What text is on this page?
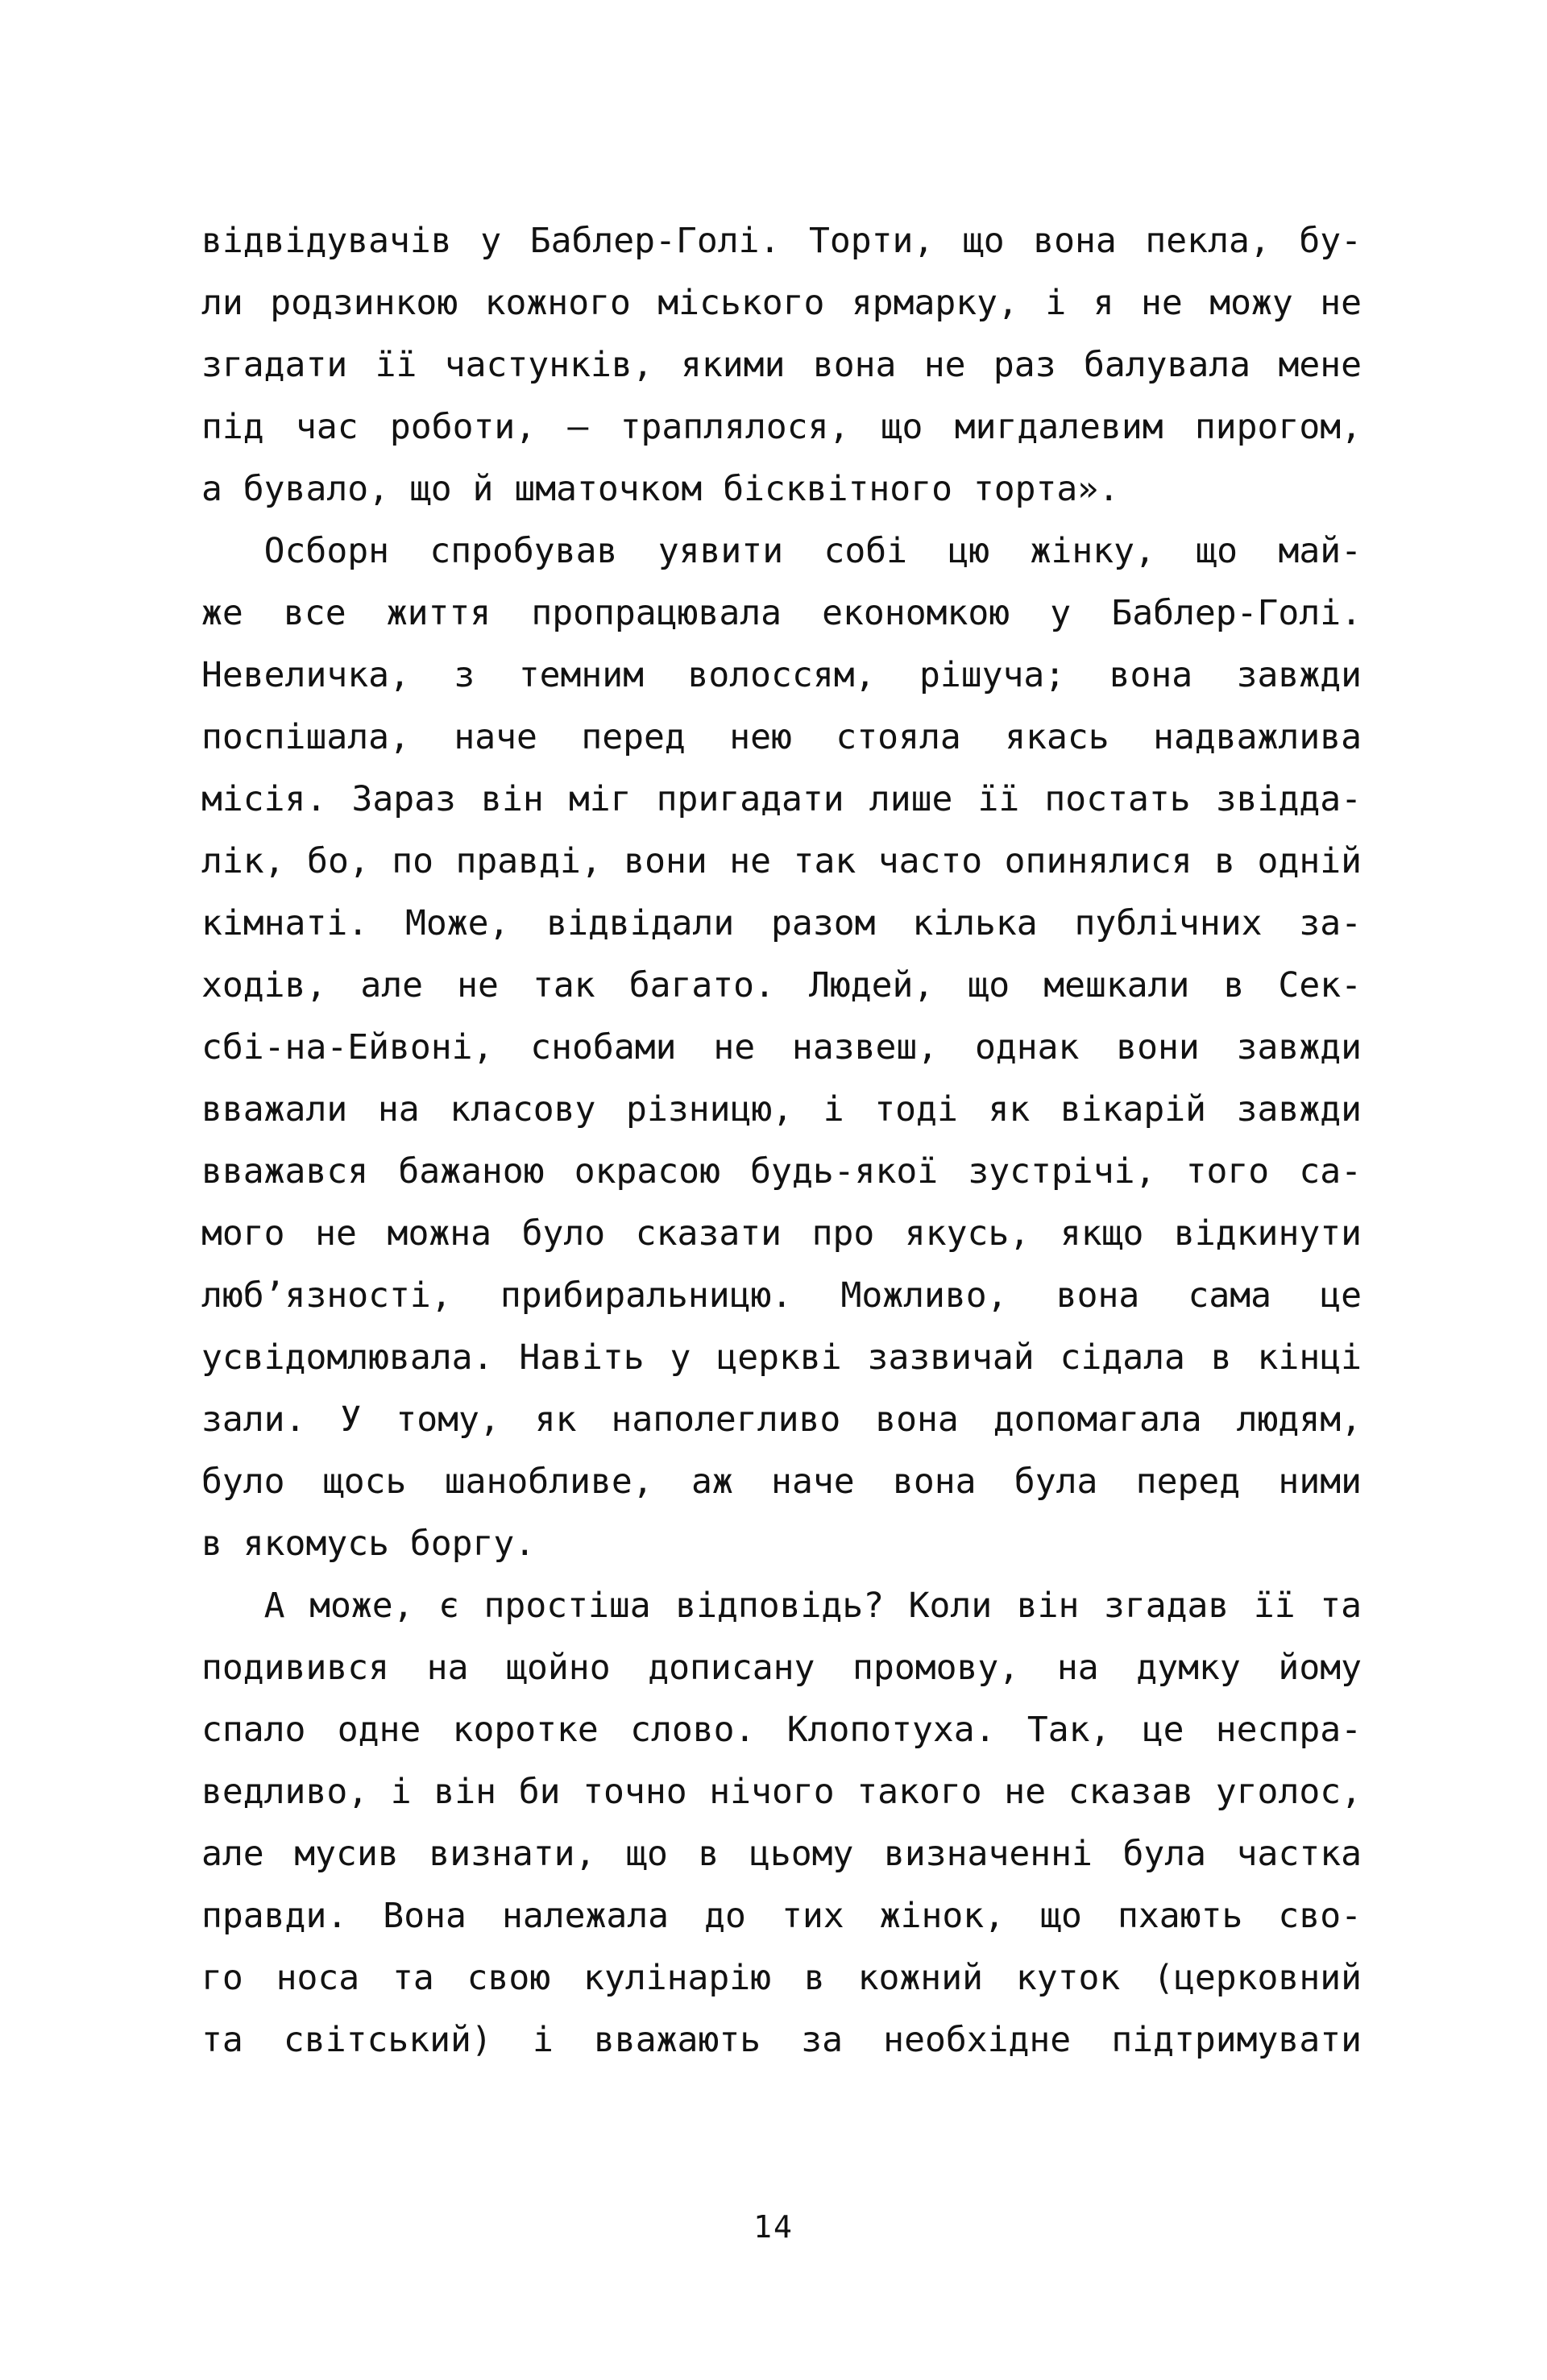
відвідувачів у Баблер-Голі. Торти, що вона пекла, бу-
ли родзинкою кожного міського ярмарку, і я не можу не
згадати її частунків, якими вона не раз балувала мене
під час роботи, — траплялося, що мигдалевим пирогом,
а бувало, що й шматочком бісквітного торта».
Осборн спробував уявити собі цю жінку, що май-
же все життя пропрацювала економкою у Баблер-Голі.
Невеличка, з темним волоссям, рішуча; вона завжди
поспішала, наче перед нею стояла якась надважлива
місія. Зараз він міг пригадати лише її постать звідда-
лік, бо, по правді, вони не так часто опинялися в одній
кімнаті. Може, відвідали разом кілька публічних за-
ходів, але не так багато. Людей, що мешкали в Сек-
сбі-на-Ейвоні, снобами не назвеш, однак вони завжди
вважали на класову різницю, і тоді як вікарій завжди
вважався бажаною окрасою будь-якої зустрічі, того са-
мого не можна було сказати про якусь, якщо відкинути
люб’язності, прибиральницю. Можливо, вона сама це
усвідомлювала. Навіть у церкві зазвичай сідала в кінці
зали. У тому, як наполегливо вона допомагала людям,
було щось шанобливе, аж наче вона була перед ними
в якомусь боргу.
А може, є простіша відповідь? Коли він згадав її та
подивився на щойно дописану промову, на думку йому
спало одне коротке слово. Клопотуха. Так, це неспра-
ведливо, і він би точно нічого такого не сказав уголос,
але мусив визнати, що в цьому визначенні була частка
правди. Вона належала до тих жінок, що пхають сво-
го носа та свою кулінарію в кожний куток (церковний
та світський) і вважають за необхідне підтримувати
14
